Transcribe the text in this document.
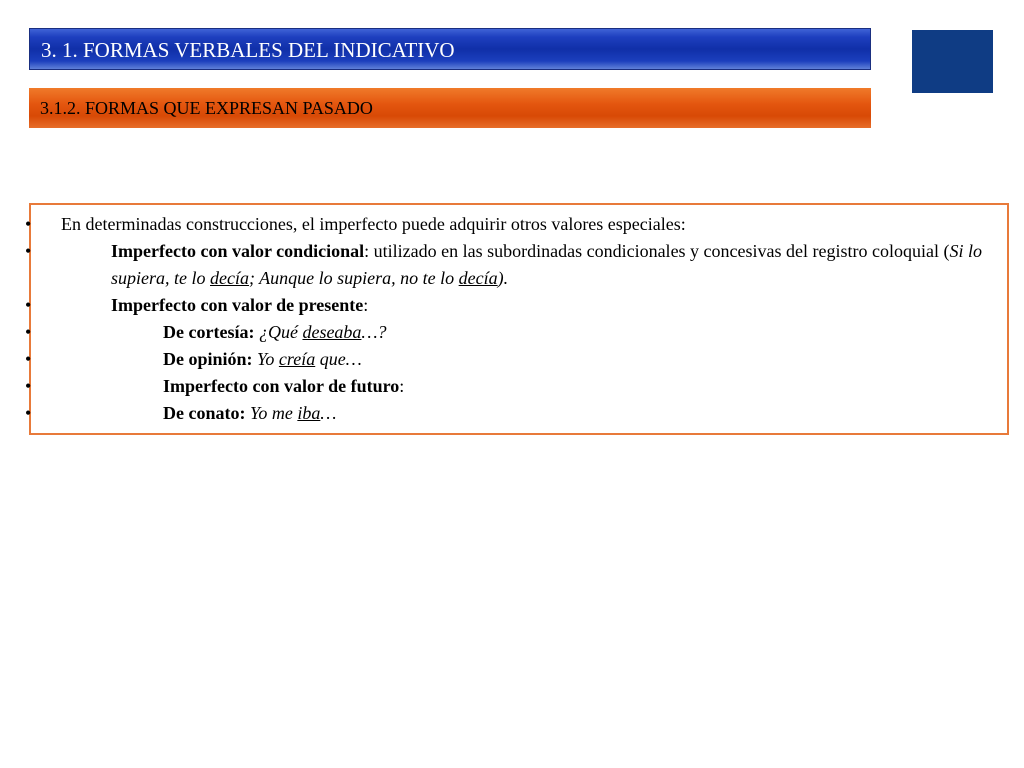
3. 1. FORMAS VERBALES DEL INDICATIVO
3.1.2. FORMAS QUE EXPRESAN PASADO
• En determinadas construcciones, el imperfecto puede adquirir otros valores especiales:
• Imperfecto con valor condicional: utilizado en las subordinadas condicionales y concesivas del registro coloquial (Si lo supiera, te lo decía; Aunque lo supiera, no te lo decía).
• Imperfecto con valor de presente:
• De cortesía: ¿Qué deseaba…?
• De opinión: Yo creía que…
• Imperfecto con valor de futuro:
• De conato: Yo me iba…
